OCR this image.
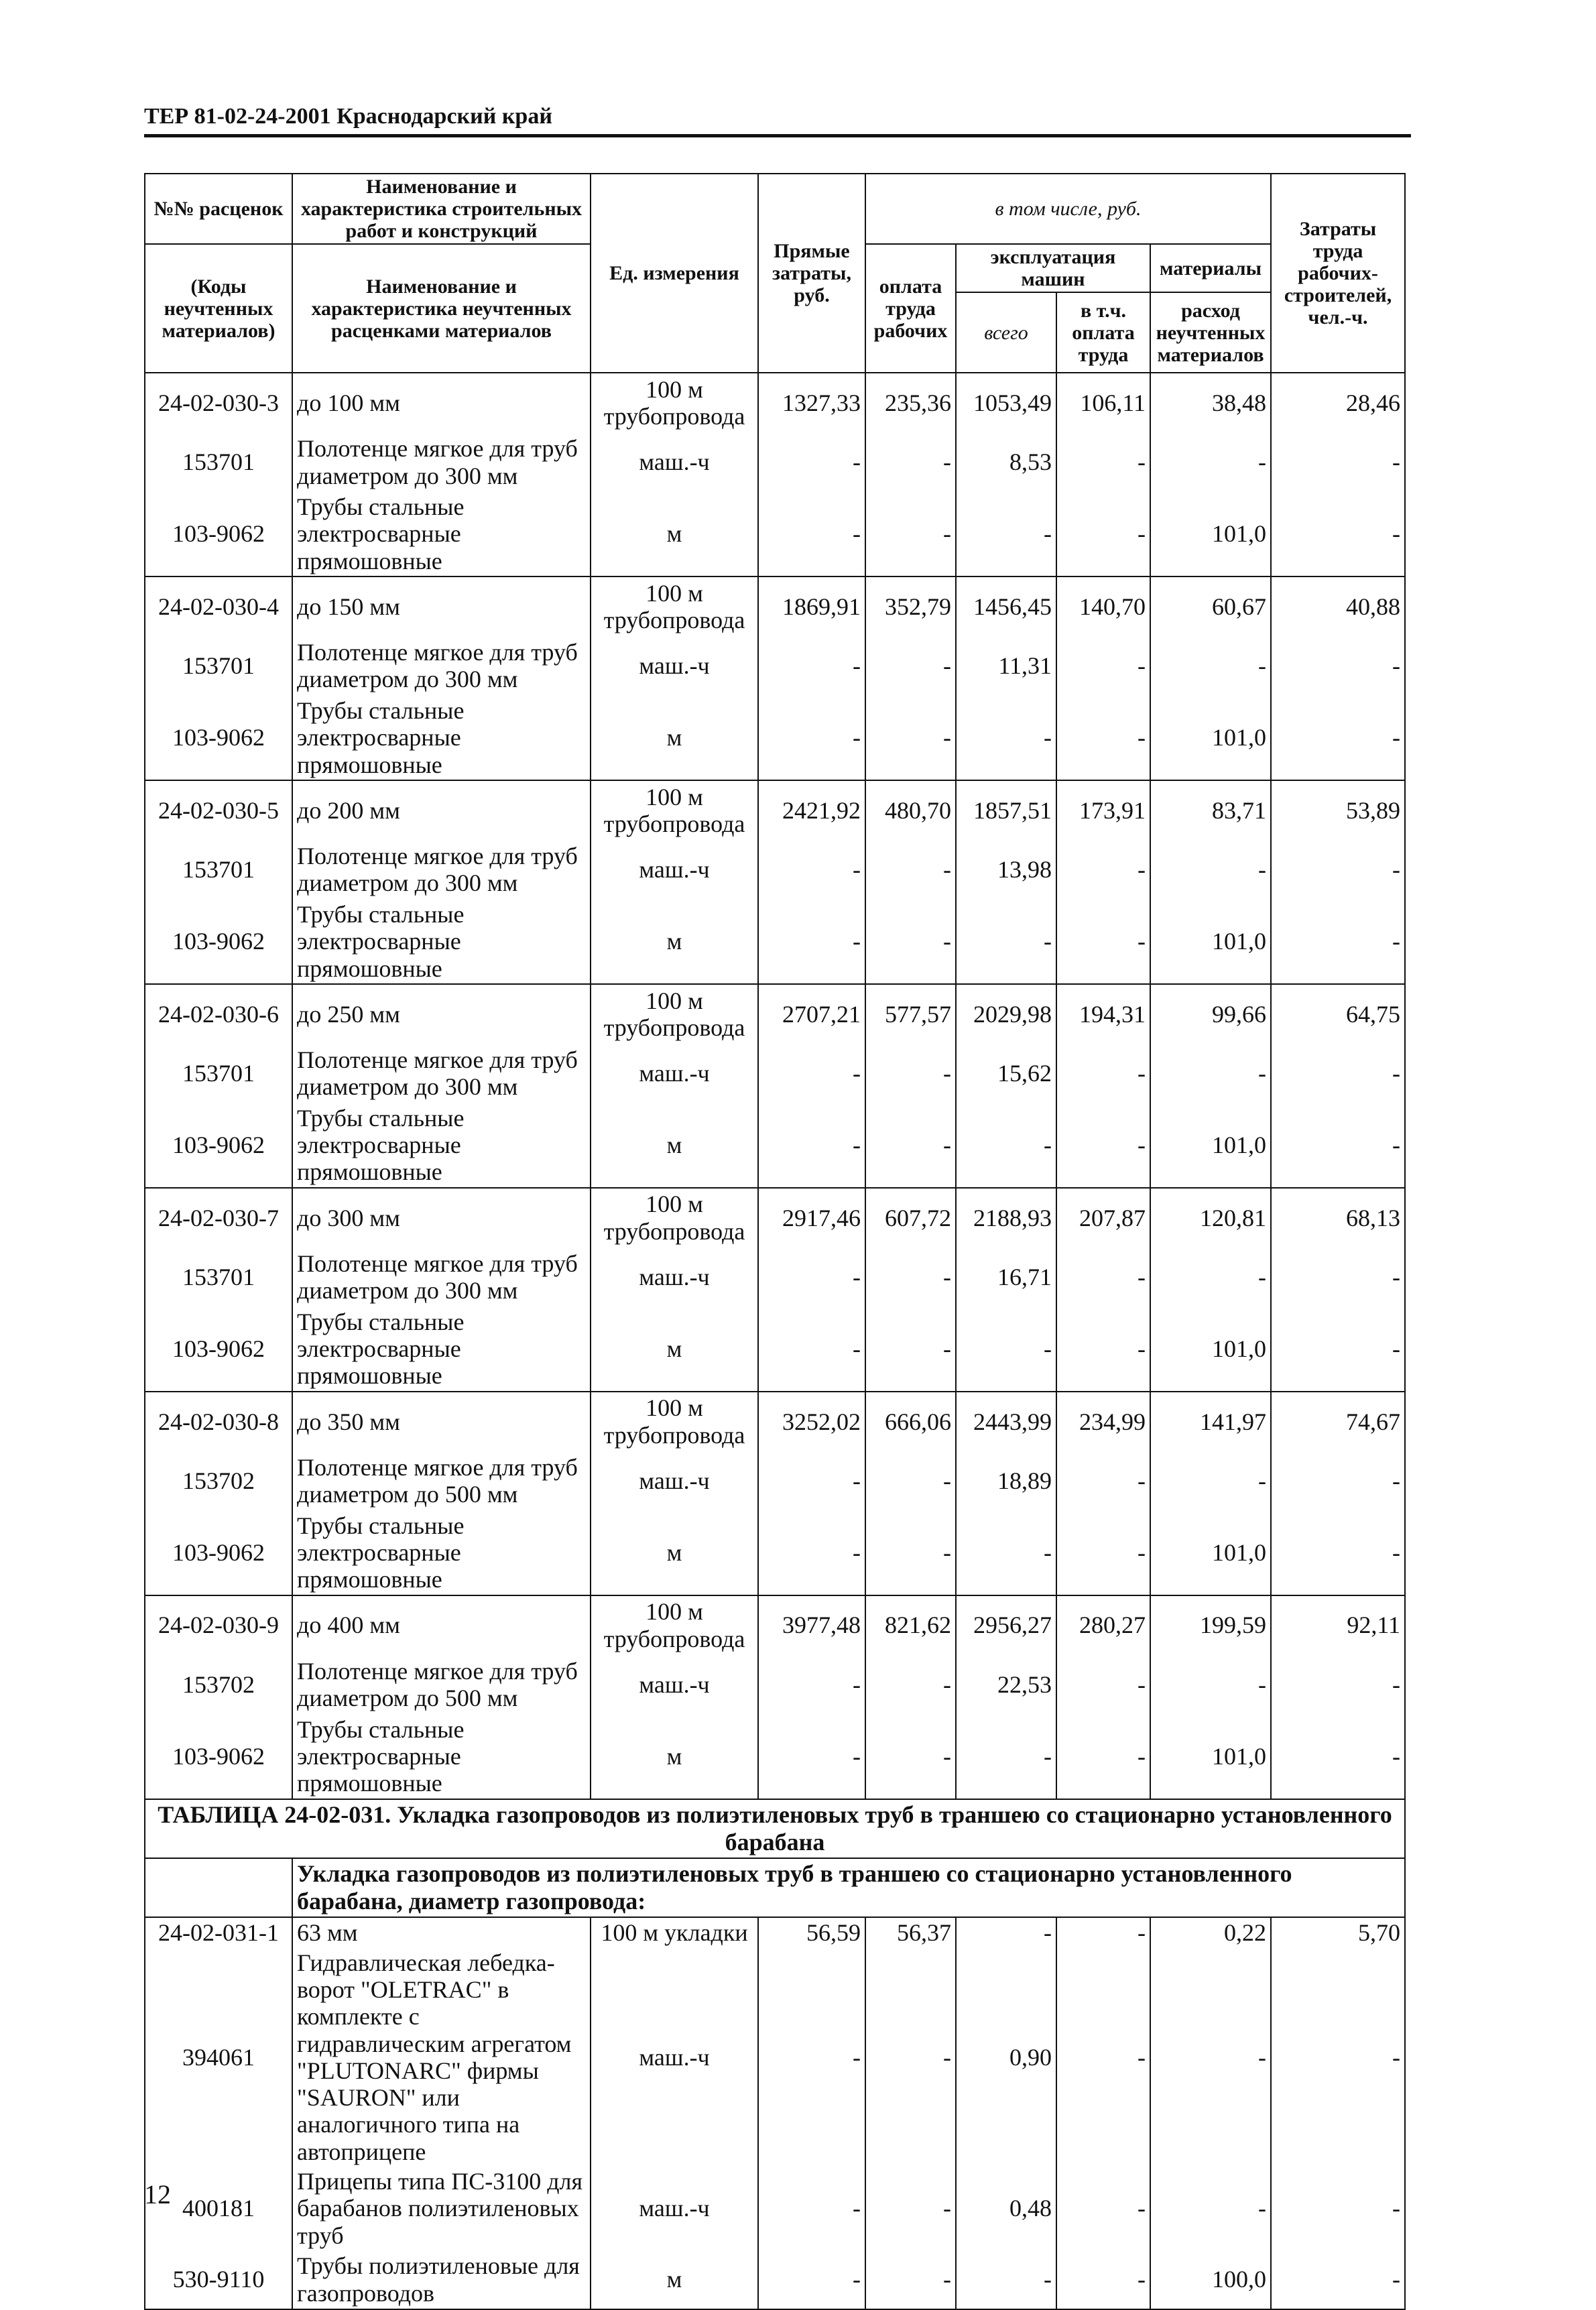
ТЕР 81-02-24-2001 Краснодарский край
№№ расценок	Наименование и характеристика строительных работ и конструкций	Ед. измерения	Прямые затраты, руб.	в том числе, руб.				Затраты труда рабочих-строителей, чел.-ч.
(Коды неучтенных материалов)	Наименование и характеристика неучтенных расценками материалов			оплата труда рабочих	эксплуатация машин		материалы	
					всего	в т.ч. оплата труда	расход неучтенных материалов	

24-02-030-3	до 100 мм	100 м трубопровода	1327,33	235,36	1053,49	106,11	38,48	28,46
153701	Полотенце мягкое для труб диаметром до 300 мм	маш.-ч	-	-	8,53	-	-	-
103-9062	Трубы стальные электросварные прямошовные	м	-	-	-	-	101,0	-
24-02-030-4	до 150 мм	100 м трубопровода	1869,91	352,79	1456,45	140,70	60,67	40,88
153701	Полотенце мягкое для труб диаметром до 300 мм	маш.-ч	-	-	11,31	-	-	-
103-9062	Трубы стальные электросварные прямошовные	м	-	-	-	-	101,0	-
24-02-030-5	до 200 мм	100 м трубопровода	2421,92	480,70	1857,51	173,91	83,71	53,89
153701	Полотенце мягкое для труб диаметром до 300 мм	маш.-ч	-	-	13,98	-	-	-
103-9062	Трубы стальные электросварные прямошовные	м	-	-	-	-	101,0	-
24-02-030-6	до 250 мм	100 м трубопровода	2707,21	577,57	2029,98	194,31	99,66	64,75
153701	Полотенце мягкое для труб диаметром до 300 мм	маш.-ч	-	-	15,62	-	-	-
103-9062	Трубы стальные электросварные прямошовные	м	-	-	-	-	101,0	-
24-02-030-7	до 300 мм	100 м трубопровода	2917,46	607,72	2188,93	207,87	120,81	68,13
153701	Полотенце мягкое для труб диаметром до 300 мм	маш.-ч	-	-	16,71	-	-	-
103-9062	Трубы стальные электросварные прямошовные	м	-	-	-	-	101,0	-
24-02-030-8	до 350 мм	100 м трубопровода	3252,02	666,06	2443,99	234,99	141,97	74,67
153702	Полотенце мягкое для труб диаметром до 500 мм	маш.-ч	-	-	18,89	-	-	-
103-9062	Трубы стальные электросварные прямошовные	м	-	-	-	-	101,0	-
24-02-030-9	до 400 мм	100 м трубопровода	3977,48	821,62	2956,27	280,27	199,59	92,11
153702	Полотенце мягкое для труб диаметром до 500 мм	маш.-ч	-	-	22,53	-	-	-
103-9062	Трубы стальные электросварные прямошовные	м	-	-	-	-	101,0	-
ТАБЛИЦА 24-02-031. Укладка газопроводов из полиэтиленовых труб в траншею со стационарно установленного барабана								
	Укладка газопроводов из полиэтиленовых труб в траншею со стационарно установленного барабана, диаметр газопровода:							
24-02-031-1	63 мм	100 м укладки	56,59	56,37	-	-	0,22	5,70
394061	Гидравлическая лебедка-ворот "OLETRAC" в комплекте с гидравлическим агрегатом "PLUTONARC" фирмы "SAURON" или аналогичного типа на автоприцепе	маш.-ч	-	-	0,90	-	-	-
400181	Прицепы типа ПС-3100 для барабанов полиэтиленовых труб	маш.-ч	-	-	0,48	-	-	-
530-9110	Трубы полиэтиленовые для газопроводов	м	-	-	-	-	100,0	-
12
